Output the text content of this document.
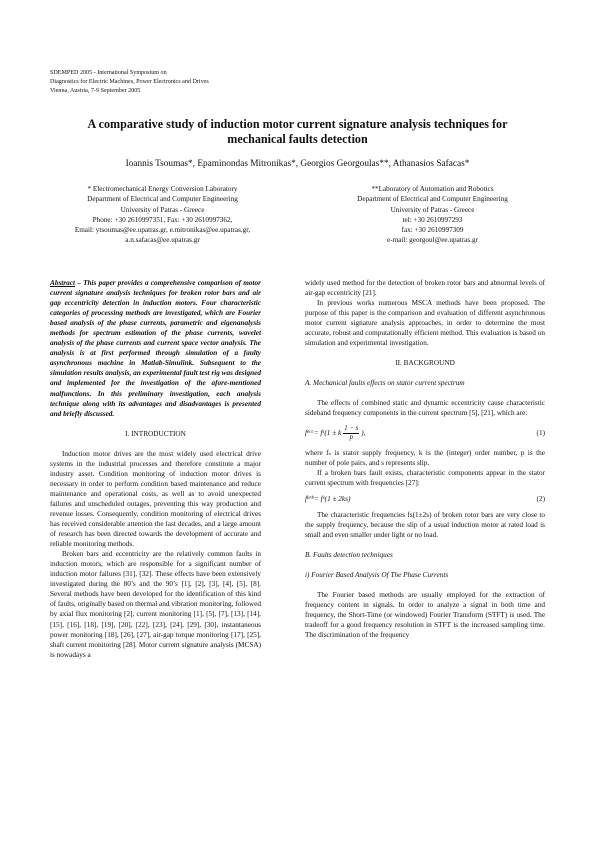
SDEMPED 2005 - International Symposium on
Diagnostics for Electric Machines, Power Electronics and Drives
Vienna, Austria, 7-9 September 2005
A comparative study of induction motor current signature analysis techniques for
mechanical faults detection
Ioannis Tsoumas*, Epaminondas Mitronikas*, Georgios Georgoulas**, Athanasios Safacas*
* Electromechanical Energy Conversion Laboratory
Department of Electrical and Computer Engineering
University of Patras - Greece
Phone: +30 2610997351, Fax: +30 2610997362,
Email: ytsoumas@ee.upatras.gr, e.mitronikas@ee.upatras.gr,
a.n.safacas@ee.upatras.gr
**Laboratory of Automation and Robotics
Department of Electrical and Computer Engineering
University of Patras - Greece
tel: +30 2610997293
fax: +30 2610997309
e-mail: georgoul@ee.upatras.gr
Abstract – This paper provides a comprehensive comparison of motor current signature analysis techniques for broken rotor bars and air gap eccentricity detection in induction motors. Four characteristic categories of processing methods are investigated, which are Fourier based analysis of the phase currents, parametric and eigenanalysis methods for spectrum estimation of the phase currents, wavelet analysis of the phase currents and current space vector analysis. The analysis is at first performed through simulation of a faulty asynchronous machine in Matlab-Simulink. Subsequent to the simulation results analysis, an experimental fault test rig was designed and implemented for the investigation of the afore-mentioned malfunctions. In this preliminary investigation, each analysis technique along with its advantages and disadvantages is presented and briefly discussed.
I. INTRODUCTION
Induction motor drives are the most widely used electrical drive systems in the industrial processes and therefore constitute a major industry asset. Condition monitoring of induction motor drives is necessary in order to perform condition based maintenance and reduce maintenance and operational costs, as well as to avoid unexpected failures and unscheduled outages, preventing this way production and revenue losses. Consequently, condition monitoring of electrical drives has received considerable attention the last decades, and a large amount of research has been directed towards the development of accurate and reliable monitoring methods.
Broken bars and eccentricity are the relatively common faults in induction motors, which are responsible for a significant number of induction motor failures [31], [32]. These effects have been extensively investigated during the 80’s and the 90’s [1], [2], [3], [4], [5], [8]. Several methods have been developed for the identification of this kind of faults, originally based on thermal and vibration monitoring, followed by axial flux monitoring [2], current monitoring [1], [5], [7], [13], [14], [15], [16], [18], [19], [20], [22], [23], [24], [29], [30], instantaneous power monitoring [18], [26], [27], air-gap torque monitoring [17], [25], shaft current monitoring [28]. Motor current signature analysis (MCSA) is nowadays a
widely used method for the detection of broken rotor bars and abnormal levels of air-gap eccentricity [21].
In previous works numerous MSCA methods have been proposed. The purpose of this paper is the comparison and evaluation of different asynchronous motor current signature analysis approaches, in order to determine the most accurate, robust and computationally efficient method. This evaluation is based on simulation and experimental investigation.
II. BACKGROUND
A. Mechanical faults effects on stator current spectrum
The effects of combined static and dynamic eccentricity cause characteristic sideband frequency components in the current spectrum [5], [21], which are:
f ecc = f s (1 ± k $\frac{1 - s}{p}$ ),	(1)
where fₛ is stator supply frequency, k is the (integer) order number, p is the number of pole pairs, and s represents slip.
If a broken bars fault exists, characteristic components appear in the stator current spectrum with frequencies [27]:
f brb = f s (1 ± 2ks)	(2)
The characteristic frequencies fs(1±2s) of broken rotor bars are very close to the supply frequency, because the slip of a usual induction motor at rated load is small and even smaller under light or no load.
B. Faults detection techniques
i) Fourier Based Analysis Of The Phase Currents
The Fourier based methods are usually employed for the extraction of frequency content in signals. In order to analyze a signal in both time and frequency, the Short-Time (or windowed) Fourier Transform (STFT) is used. The tradeoff for a good frequency resolution in STFT is the increased sampling time. The discrimination of the frequency
